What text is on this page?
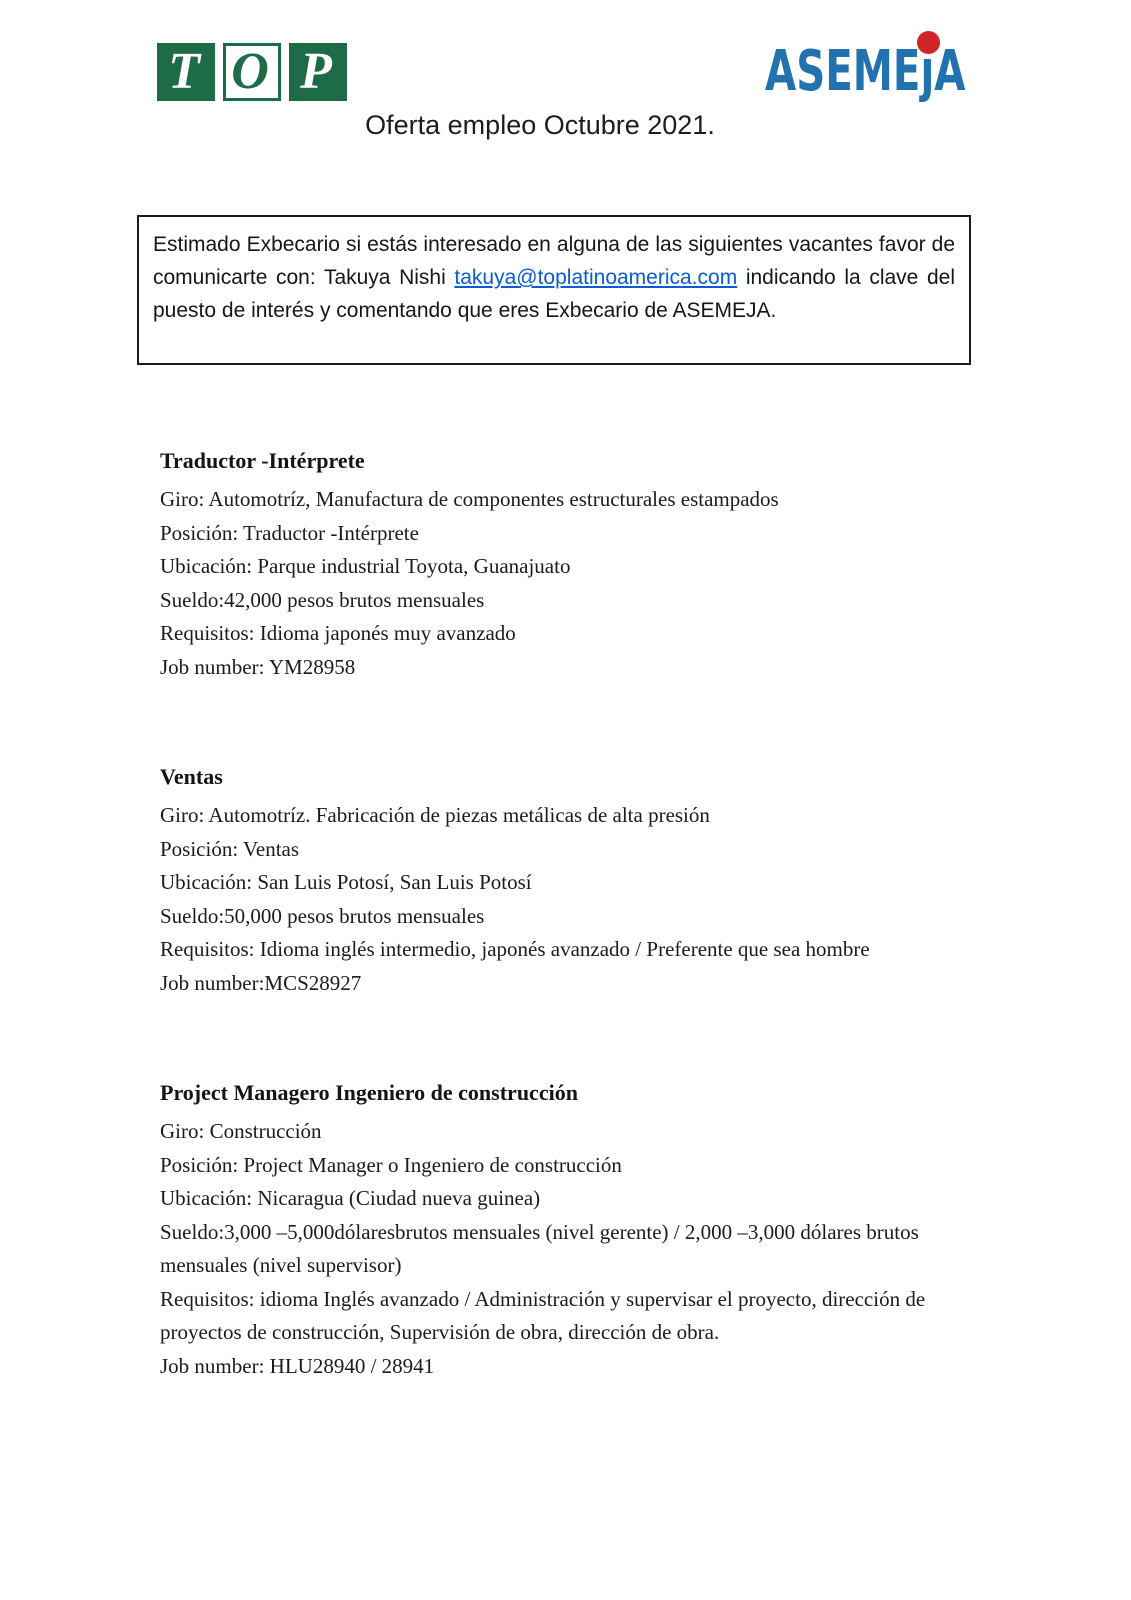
T O P	ASEMEȷA
Oferta empleo Octubre 2021.

Estimado Exbecario si estás interesado en alguna de las siguientes vacantes favor de comunicarte con: Takuya Nishi takuya@toplatinoamerica.com indicando la clave del puesto de interés y comentando que eres Exbecario de ASEMEJA.

Traductor -Intérprete

Giro: Automotríz, Manufactura de componentes estructurales estampados

Posición: Traductor -Intérprete

Ubicación: Parque industrial Toyota, Guanajuato

Sueldo:42,000 pesos brutos mensuales

Requisitos: Idioma japonés muy avanzado

Job number: YM28958

Ventas

Giro: Automotríz. Fabricación de piezas metálicas de alta presión

Posición: Ventas

Ubicación: San Luis Potosí, San Luis Potosí

Sueldo:50,000 pesos brutos mensuales

Requisitos: Idioma inglés intermedio, japonés avanzado / Preferente que sea hombre

Job number:MCS28927

Project Managero Ingeniero de construcción

Giro: Construcción

Posición: Project Manager o Ingeniero de construcción

Ubicación: Nicaragua (Ciudad nueva guinea)

Sueldo:3,000 –5,000dólaresbrutos mensuales (nivel gerente) / 2,000 –3,000 dólares brutos

mensuales (nivel supervisor)

Requisitos: idioma Inglés avanzado / Administración y supervisar el proyecto, dirección de

proyectos de construcción, Supervisión de obra, dirección de obra.

Job number: HLU28940 / 28941
